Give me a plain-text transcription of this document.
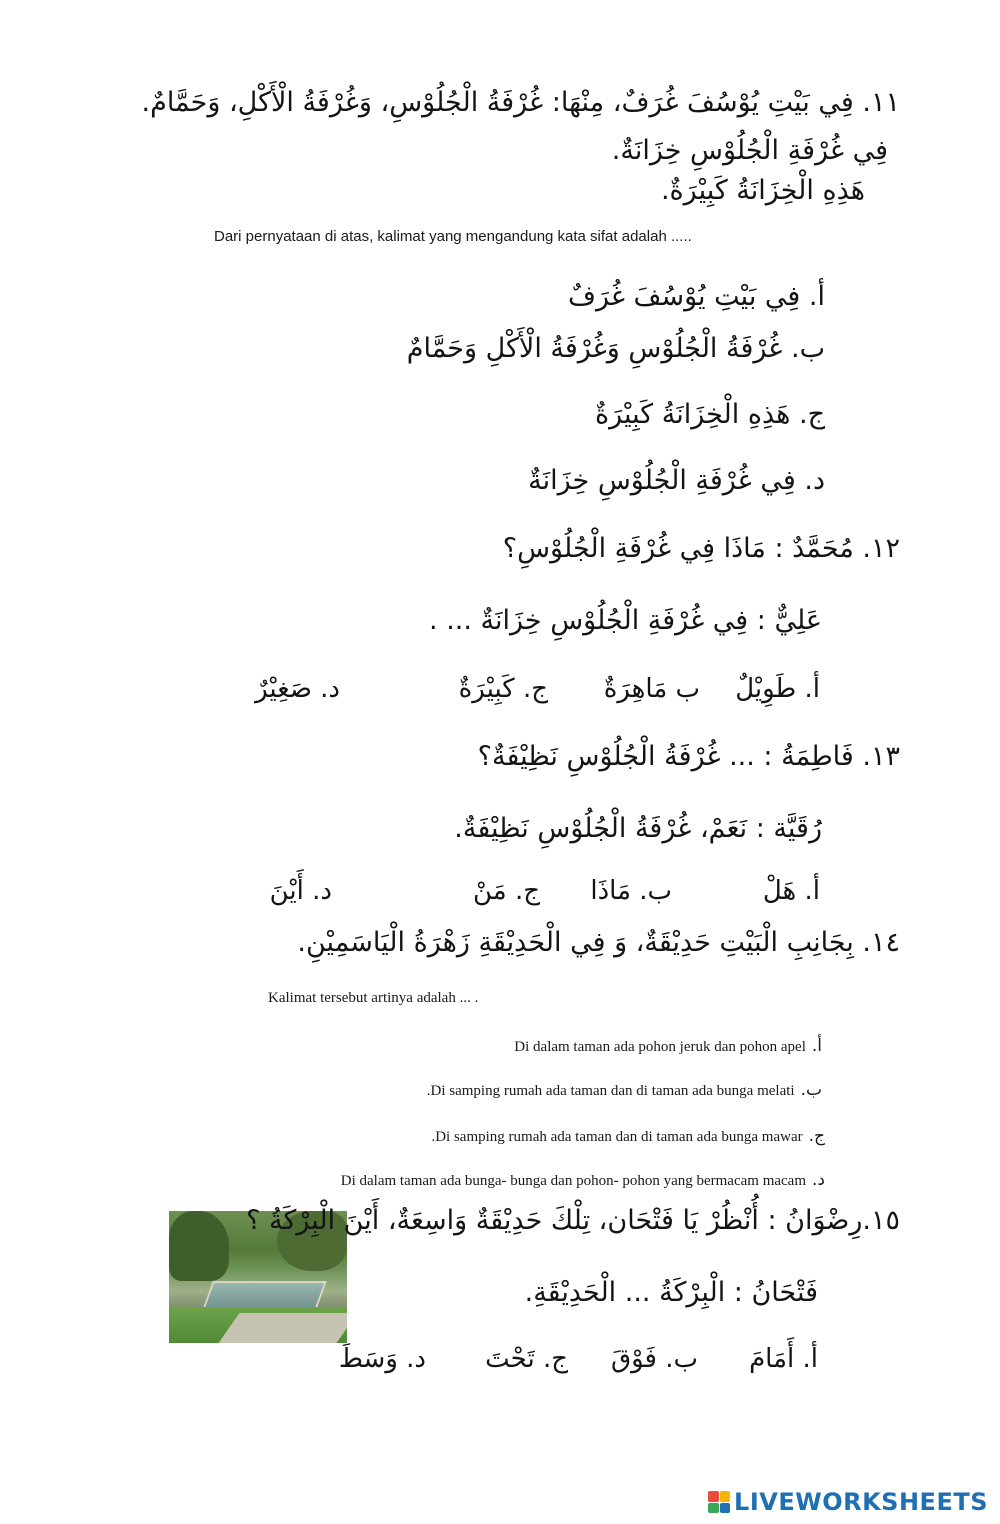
١١. فِي بَيْتِ يُوْسُفَ غُرَفٌ، مِنْهَا: غُرْفَةُ الْجُلُوْسِ، وَغُرْفَةُ الْأَكْلِ، وَحَمَّامٌ.
فِي غُرْفَةِ الْجُلُوْسِ خِزَانَةٌ.
هَذِهِ الْخِزَانَةُ كَبِيْرَةٌ.
Dari pernyataan di atas, kalimat yang mengandung kata sifat adalah .....
أ. فِي بَيْتِ يُوْسُفَ غُرَفٌ
ب. غُرْفَةُ الْجُلُوْسِ وَغُرْفَةُ الْأَكْلِ وَحَمَّامٌ
ج. هَذِهِ الْخِزَانَةُ كَبِيْرَةٌ
د. فِي غُرْفَةِ الْجُلُوْسِ خِزَانَةٌ
١٢. مُحَمَّدٌ : مَاذَا فِي غُرْفَةِ الْجُلُوْسِ؟
عَلِيٌّ : فِي غُرْفَةِ الْجُلُوْسِ خِزَانَةٌ ... .
أ. طَوِيْلٌ
ب مَاهِرَةٌ
ج. كَبِيْرَةٌ
د. صَغِيْرٌ
١٣. فَاطِمَةُ : ... غُرْفَةُ الْجُلُوْسِ نَظِيْفَةٌ؟
رُقَيَّة : نَعَمْ، غُرْفَةُ الْجُلُوْسِ نَظِيْفَةٌ.
أ. هَلْ
ب. مَاذَا
ج. مَنْ
د. أَيْنَ
١٤. بِجَانِبِ الْبَيْتِ حَدِيْقَةٌ، وَ فِي الْحَدِيْقَةِ زَهْرَةُ الْيَاسَمِيْنِ.
Kalimat tersebut artinya adalah ... .
أ.Di dalam taman ada pohon jeruk dan pohon apel
ب.Di samping rumah ada taman dan di taman ada bunga melati.
ج.Di samping rumah ada taman dan di taman ada bunga mawar.
د.Di dalam taman ada bunga- bunga dan pohon- pohon yang bermacam macam
١٥.رِضْوَانُ : أُنْظُرْ يَا فَتْحَان، تِلْكَ حَدِيْقَةٌ وَاسِعَةٌ، أَيْنَ الْبِرْكَةُ ؟
فَتْحَانُ : الْبِرْكَةُ ... الْحَدِيْقَةِ.
أ. أَمَامَ
ب. فَوْقَ
ج. تَحْتَ
د. وَسَطَ
LIVEWORKSHEETS
